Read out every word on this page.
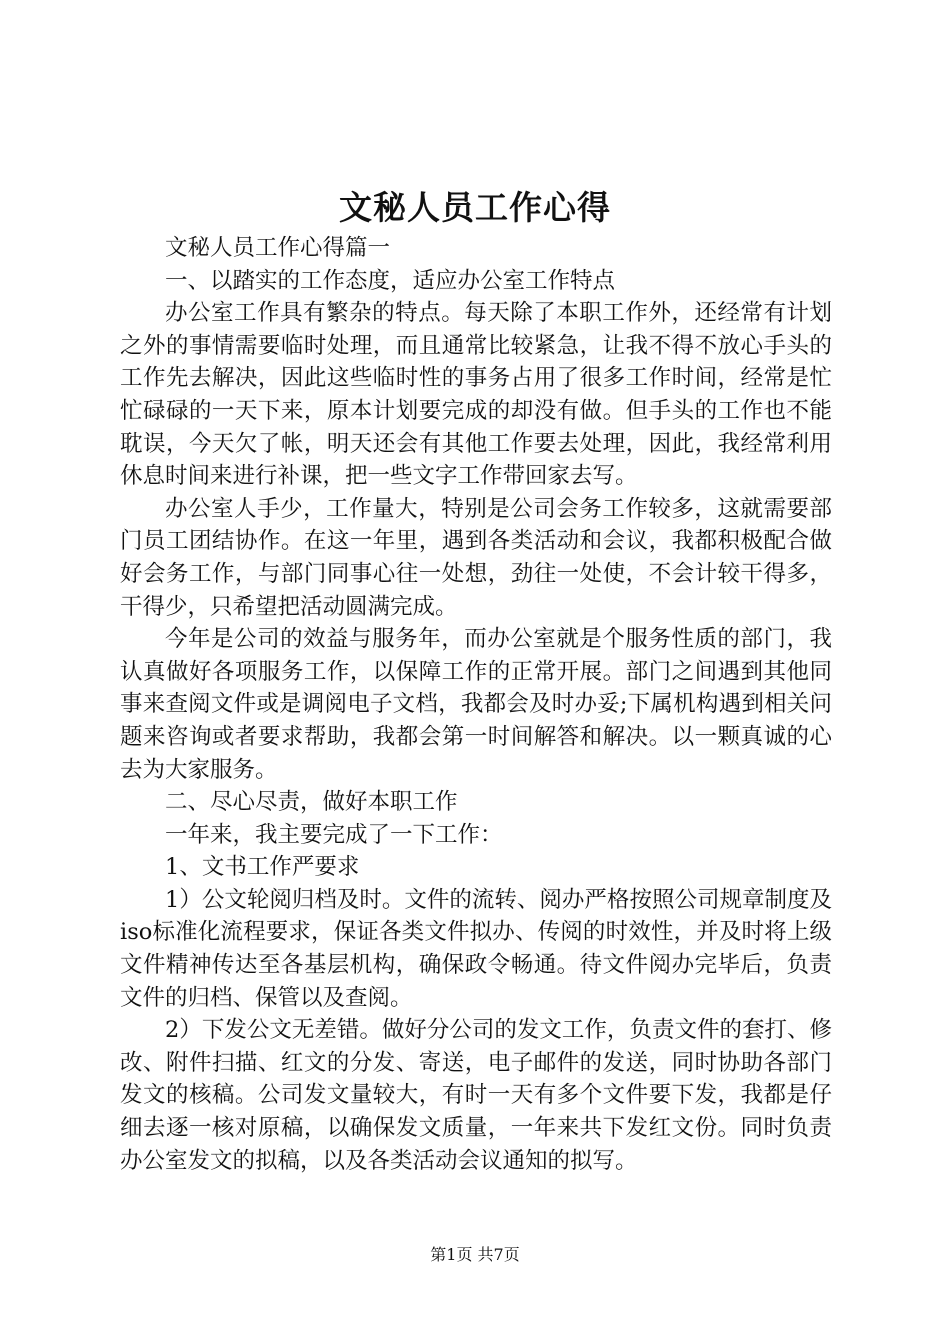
文秘人员工作心得

文秘人员工作心得篇一

一、以踏实的工作态度，适应办公室工作特点

办公室工作具有繁杂的特点。每天除了本职工作外，还经常有计划之外的事情需要临时处理，而且通常比较紧急，让我不得不放心手头的工作先去解决，因此这些临时性的事务占用了很多工作时间，经常是忙忙碌碌的一天下来，原本计划要完成的却没有做。但手头的工作也不能耽误，今天欠了帐，明天还会有其他工作要去处理，因此，我经常利用休息时间来进行补课，把一些文字工作带回家去写。

办公室人手少，工作量大，特别是公司会务工作较多，这就需要部门员工团结协作。在这一年里，遇到各类活动和会议，我都积极配合做好会务工作，与部门同事心往一处想，劲往一处使，不会计较干得多，干得少，只希望把活动圆满完成。

今年是公司的效益与服务年，而办公室就是个服务性质的部门，我认真做好各项服务工作，以保障工作的正常开展。部门之间遇到其他同事来查阅文件或是调阅电子文档，我都会及时办妥;下属机构遇到相关问题来咨询或者要求帮助，我都会第一时间解答和解决。以一颗真诚的心去为大家服务。

二、尽心尽责，做好本职工作

一年来，我主要完成了一下工作：

1、文书工作严要求

1）公文轮阅归档及时。文件的流转、阅办严格按照公司规章制度及iso标准化流程要求，保证各类文件拟办、传阅的时效性，并及时将上级文件精神传达至各基层机构，确保政令畅通。待文件阅办完毕后，负责文件的归档、保管以及查阅。

2）下发公文无差错。做好分公司的发文工作，负责文件的套打、修改、附件扫描、红文的分发、寄送，电子邮件的发送，同时协助各部门发文的核稿。公司发文量较大，有时一天有多个文件要下发，我都是仔细去逐一核对原稿，以确保发文质量，一年来共下发红文份。同时负责办公室发文的拟稿，以及各类活动会议通知的拟写。

第1页 共7页
